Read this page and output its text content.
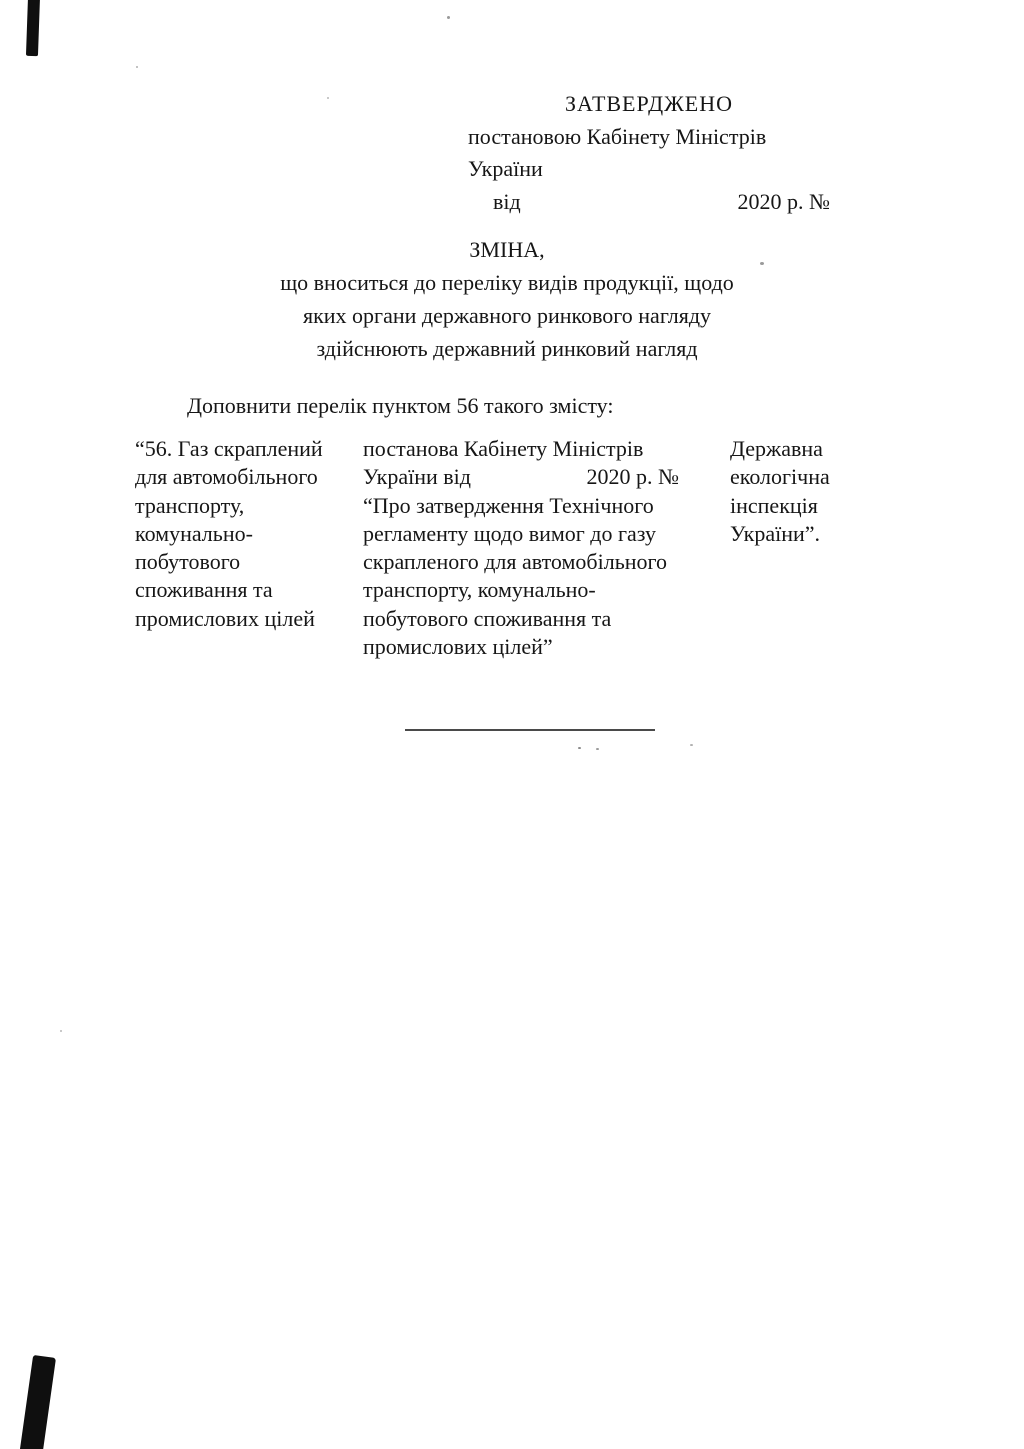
ЗАТВЕРДЖЕНО
постановою Кабінету Міністрів України
від	2020 р. №
ЗМІНА,
що вноситься до переліку видів продукції, щодо
яких органи державного ринкового нагляду
здійснюють державний ринковий нагляд
Доповнити перелік пунктом 56 такого змісту:
“56. Газ скраплений
для автомобільного
транспорту,
комунально-
побутового
споживання та
промислових цілей
постанова Кабінету Міністрів
України від	2020 р. №
“Про затвердження Технічного
регламенту щодо вимог до газу
скрапленого для автомобільного
транспорту, комунально-
побутового споживання та
промислових цілей”
Державна
екологічна
інспекція
України”.
